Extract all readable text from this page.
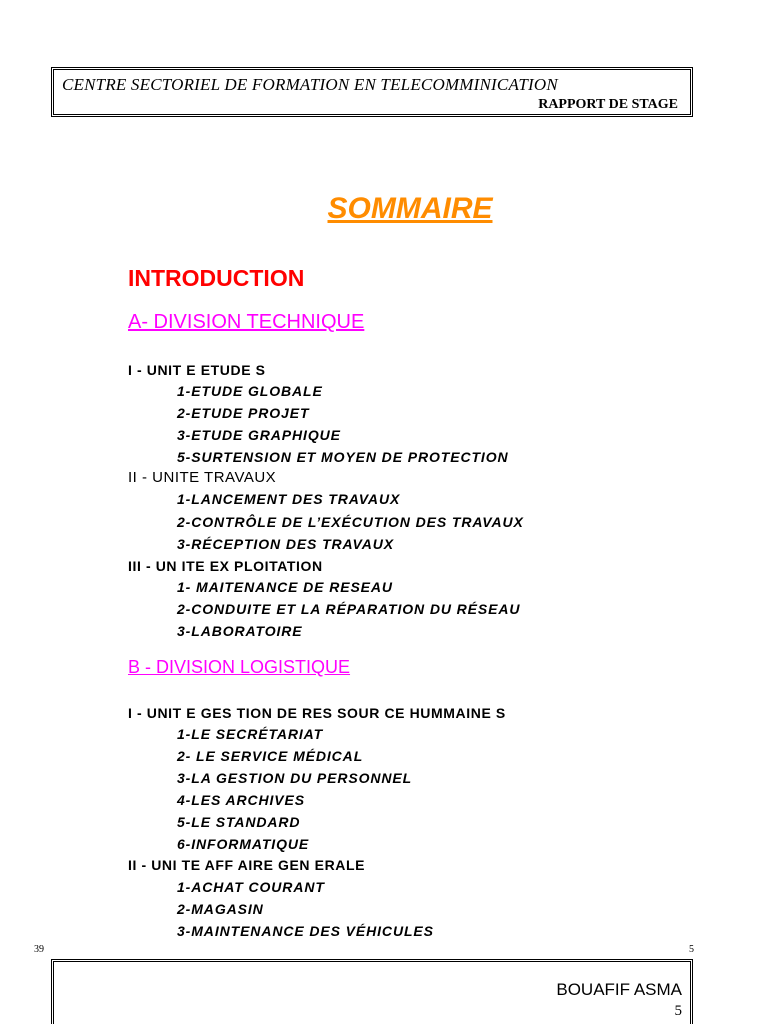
CENTRE SECTORIEL DE FORMATION EN TELECOMMINICATION
RAPPORT DE STAGE
SOMMAIRE
INTRODUCTION
A- DIVISION TECHNIQUE
I - UNIT E ETUDE S
1-ETUDE GLOBALE
2-ETUDE PROJET
3-ETUDE GRAPHIQUE
5-SURTENSION ET MOYEN DE PROTECTION
II - UNITE TRAVAUX
1-LANCEMENT DES TRAVAUX
2-CONTRÔLE DE L’EXÉCUTION DES TRAVAUX
3-RÉCEPTION DES TRAVAUX
III - UN ITE EX PLOITATION
1- MAITENANCE DE RESEAU
2-CONDUITE ET LA RÉPARATION DU RÉSEAU
3-LABORATOIRE
B - DIVISION LOGISTIQUE
I - UNIT E GES TION DE RES SOUR CE HUMMAINE S
1-LE SECRÉTARIAT
2- LE SERVICE MÉDICAL
3-LA GESTION DU PERSONNEL
4-LES ARCHIVES
5-LE STANDARD
6-INFORMATIQUE
II - UNI TE AFF AIRE GEN ERALE
1-ACHAT COURANT
2-MAGASIN
3-MAINTENANCE DES VÉHICULES
39	5
BOUAFIF ASMA
5
